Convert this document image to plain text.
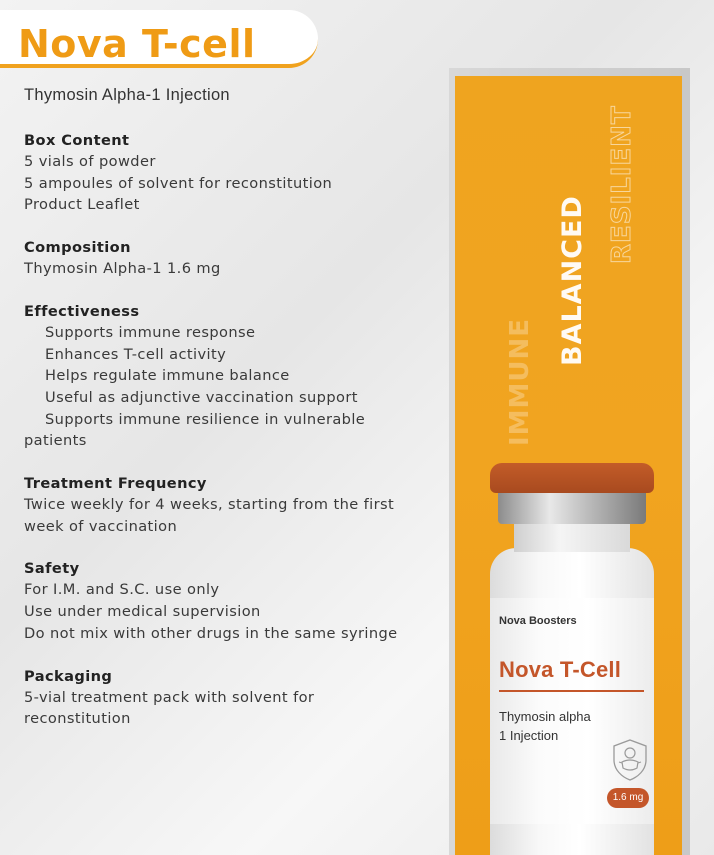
Nova T-cell
Thymosin Alpha-1 Injection
Box Content
5 vials of powder
5 ampoules of solvent for reconstitution
Product Leaflet
Composition
Thymosin Alpha-1 1.6 mg
Effectiveness
Supports immune response
Enhances T-cell activity
Helps regulate immune balance
Useful as adjunctive vaccination support
Supports immune resilience in vulnerable
patients
Treatment Frequency
Twice weekly for 4 weeks, starting from the first
week of vaccination
Safety
For I.M. and S.C. use only
Use under medical supervision
Do not mix with other drugs in the same syringe
Packaging
5-vial treatment pack with solvent for
reconstitution
IMMUNE
BALANCED
RESILIENT
Nova Boosters
Nova T-Cell
Thymosin alpha
1 Injection
1.6 mg
